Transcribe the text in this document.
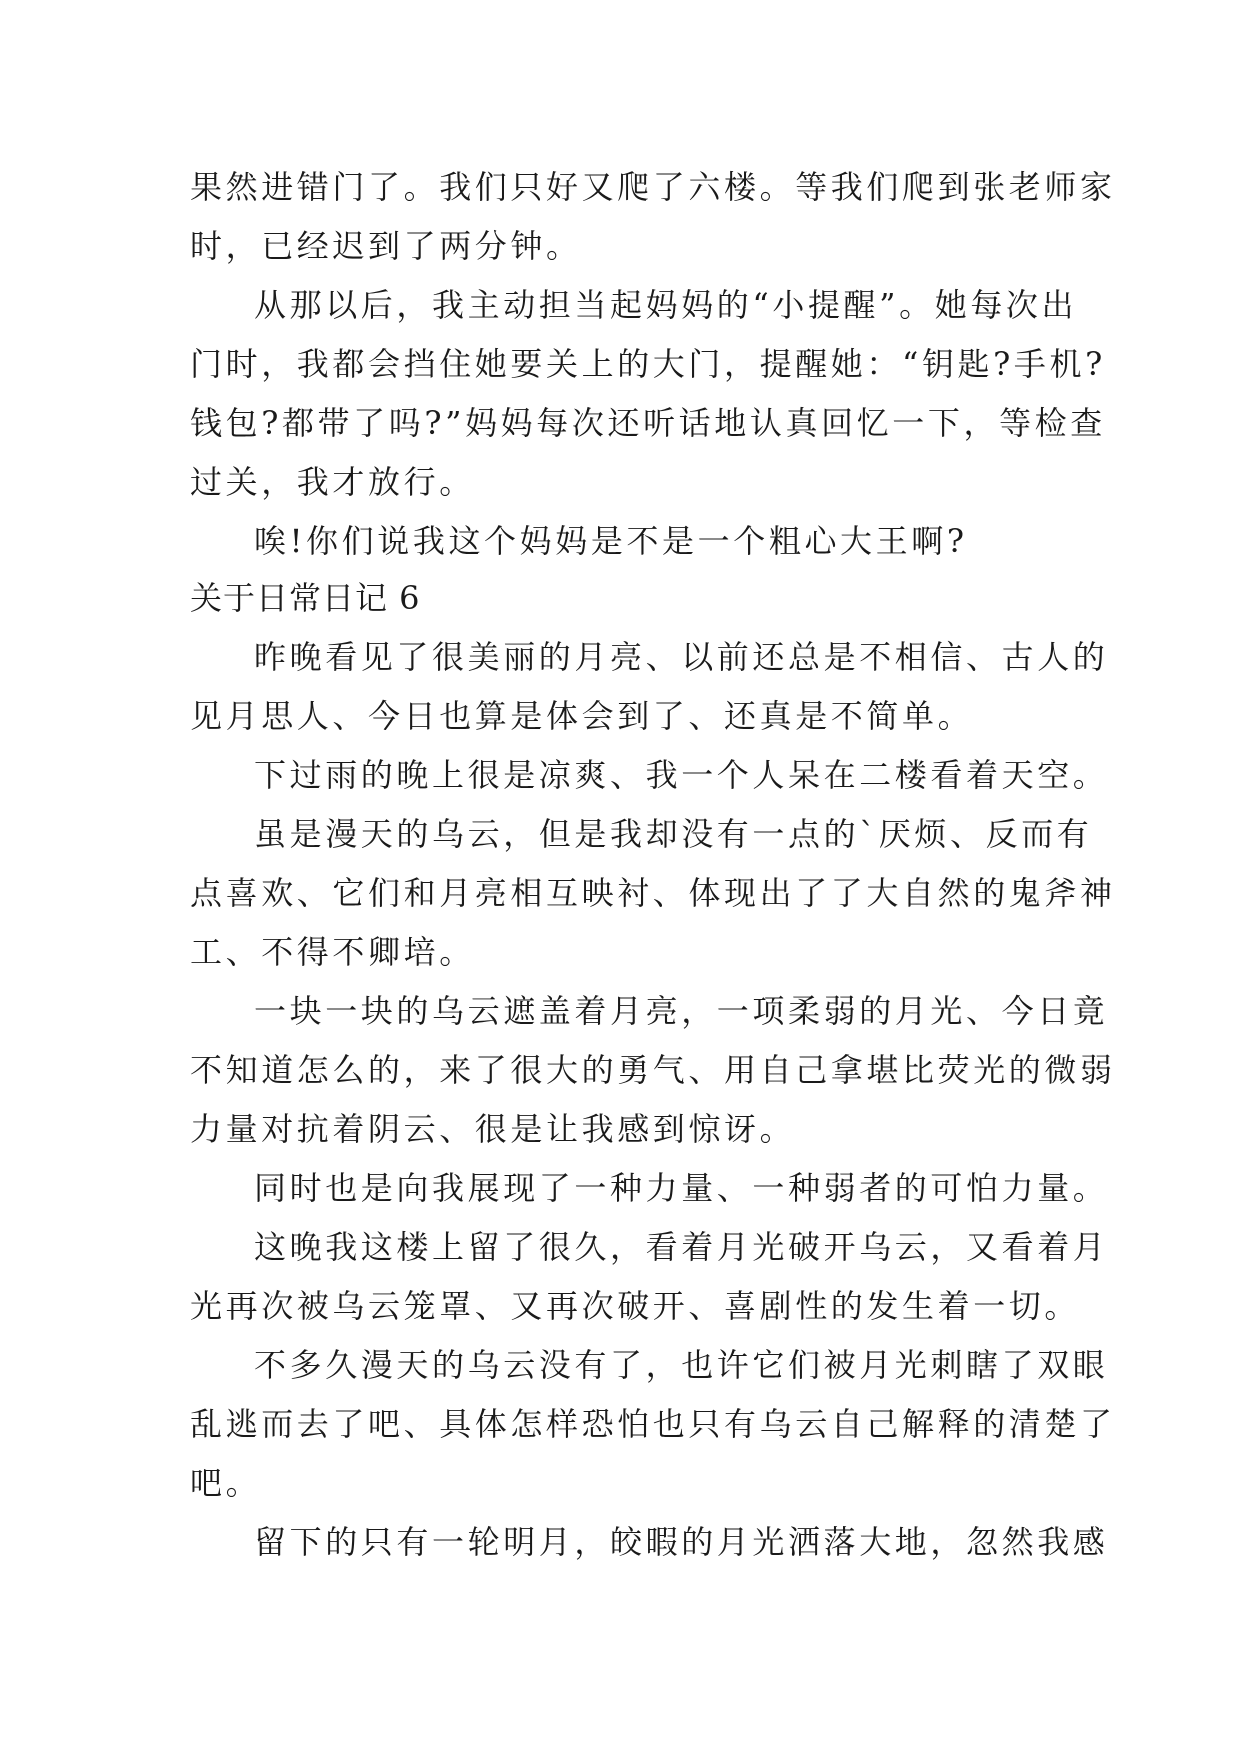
果然进错门了。我们只好又爬了六楼。等我们爬到张老师家

时，已经迟到了两分钟。

从那以后，我主动担当起妈妈的“小提醒”。她每次出

门时，我都会挡住她要关上的大门，提醒她：“钥匙?手机?

钱包?都带了吗?”妈妈每次还听话地认真回忆一下，等检查

过关，我才放行。

唉!你们说我这个妈妈是不是一个粗心大王啊?

关于日常日记 6

昨晚看见了很美丽的月亮、以前还总是不相信、古人的

见月思人、今日也算是体会到了、还真是不简单。

下过雨的晚上很是凉爽、我一个人呆在二楼看着天空。

虽是漫天的乌云，但是我却没有一点的`厌烦、反而有

点喜欢、它们和月亮相互映衬、体现出了了大自然的鬼斧神

工、不得不卿培。

一块一块的乌云遮盖着月亮，一项柔弱的月光、今日竟

不知道怎么的，来了很大的勇气、用自己拿堪比荧光的微弱

力量对抗着阴云、很是让我感到惊讶。

同时也是向我展现了一种力量、一种弱者的可怕力量。

这晚我这楼上留了很久，看着月光破开乌云，又看着月

光再次被乌云笼罩、又再次破开、喜剧性的发生着一切。

不多久漫天的乌云没有了，也许它们被月光刺瞎了双眼

乱逃而去了吧、具体怎样恐怕也只有乌云自己解释的清楚了

吧。

留下的只有一轮明月，皎暇的月光洒落大地，忽然我感
